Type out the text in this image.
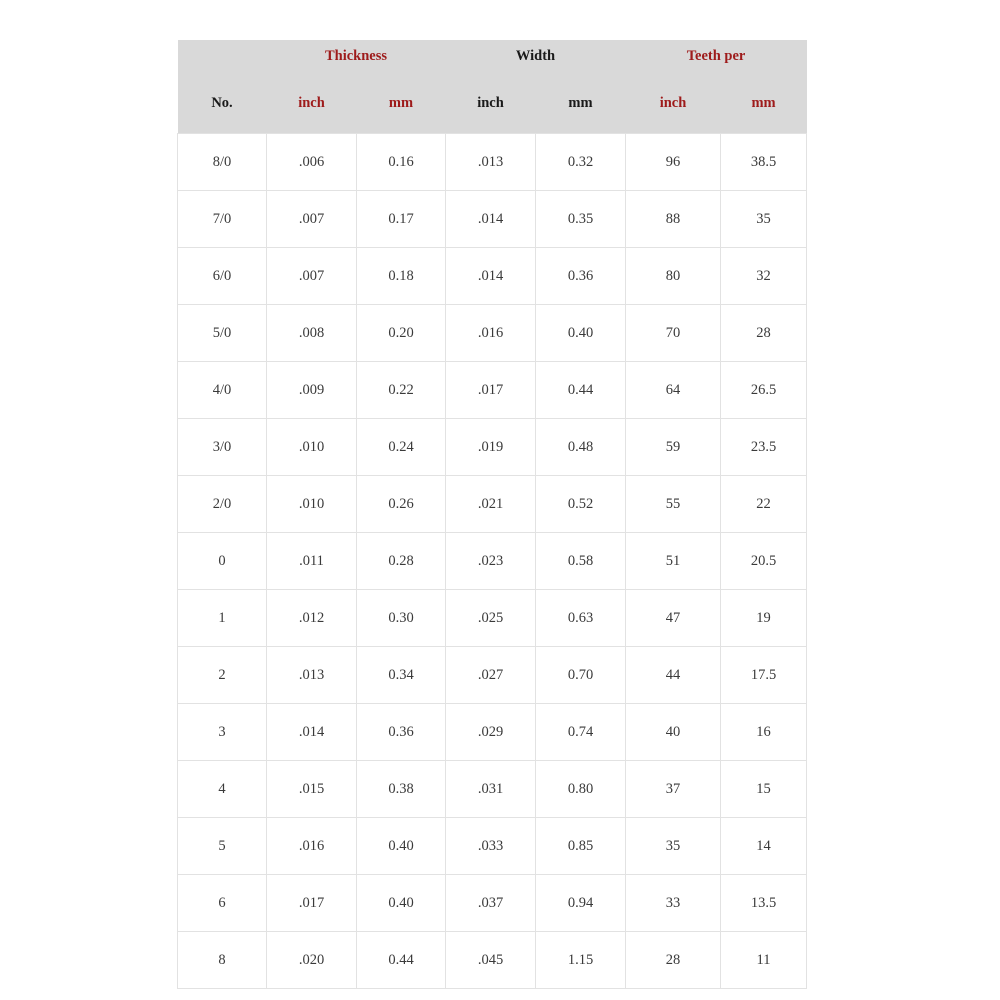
	Thickness		Width		Teeth per	
No.	inch	mm	inch	mm	inch	mm
8/0	.006	0.16	.013	0.32	96	38.5
7/0	.007	0.17	.014	0.35	88	35
6/0	.007	0.18	.014	0.36	80	32
5/0	.008	0.20	.016	0.40	70	28
4/0	.009	0.22	.017	0.44	64	26.5
3/0	.010	0.24	.019	0.48	59	23.5
2/0	.010	0.26	.021	0.52	55	22
0	.011	0.28	.023	0.58	51	20.5
1	.012	0.30	.025	0.63	47	19
2	.013	0.34	.027	0.70	44	17.5
3	.014	0.36	.029	0.74	40	16
4	.015	0.38	.031	0.80	37	15
5	.016	0.40	.033	0.85	35	14
6	.017	0.40	.037	0.94	33	13.5
8	.020	0.44	.045	1.15	28	11
